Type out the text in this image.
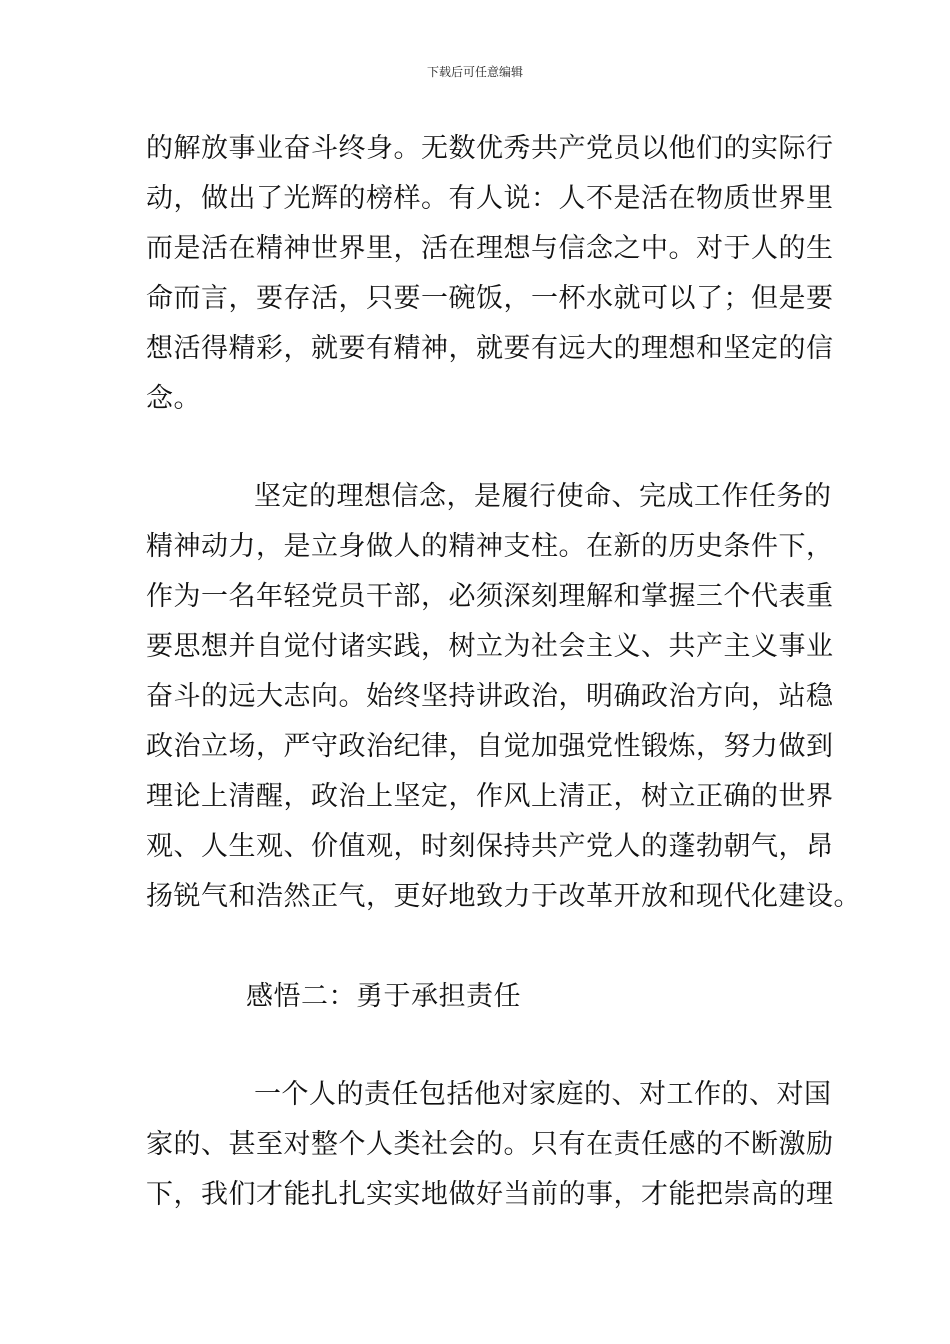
下载后可任意编辑
的解放事业奋斗终身。无数优秀共产党员以他们的实际行
动，做出了光辉的榜样。有人说：人不是活在物质世界里
而是活在精神世界里，活在理想与信念之中。对于人的生
命而言，要存活，只要一碗饭，一杯水就可以了；但是要
想活得精彩，就要有精神，就要有远大的理想和坚定的信
念。
坚定的理想信念，是履行使命、完成工作任务的
精神动力，是立身做人的精神支柱。在新的历史条件下，
作为一名年轻党员干部，必须深刻理解和掌握三个代表重
要思想并自觉付诸实践，树立为社会主义、共产主义事业
奋斗的远大志向。始终坚持讲政治，明确政治方向，站稳
政治立场，严守政治纪律，自觉加强党性锻炼，努力做到
理论上清醒，政治上坚定，作风上清正，树立正确的世界
观、人生观、价值观，时刻保持共产党人的蓬勃朝气，昂
扬锐气和浩然正气，更好地致力于改革开放和现代化建设。
感悟二：勇于承担责任
一个人的责任包括他对家庭的、对工作的、对国
家的、甚至对整个人类社会的。只有在责任感的不断激励
下，我们才能扎扎实实地做好当前的事，才能把崇高的理
